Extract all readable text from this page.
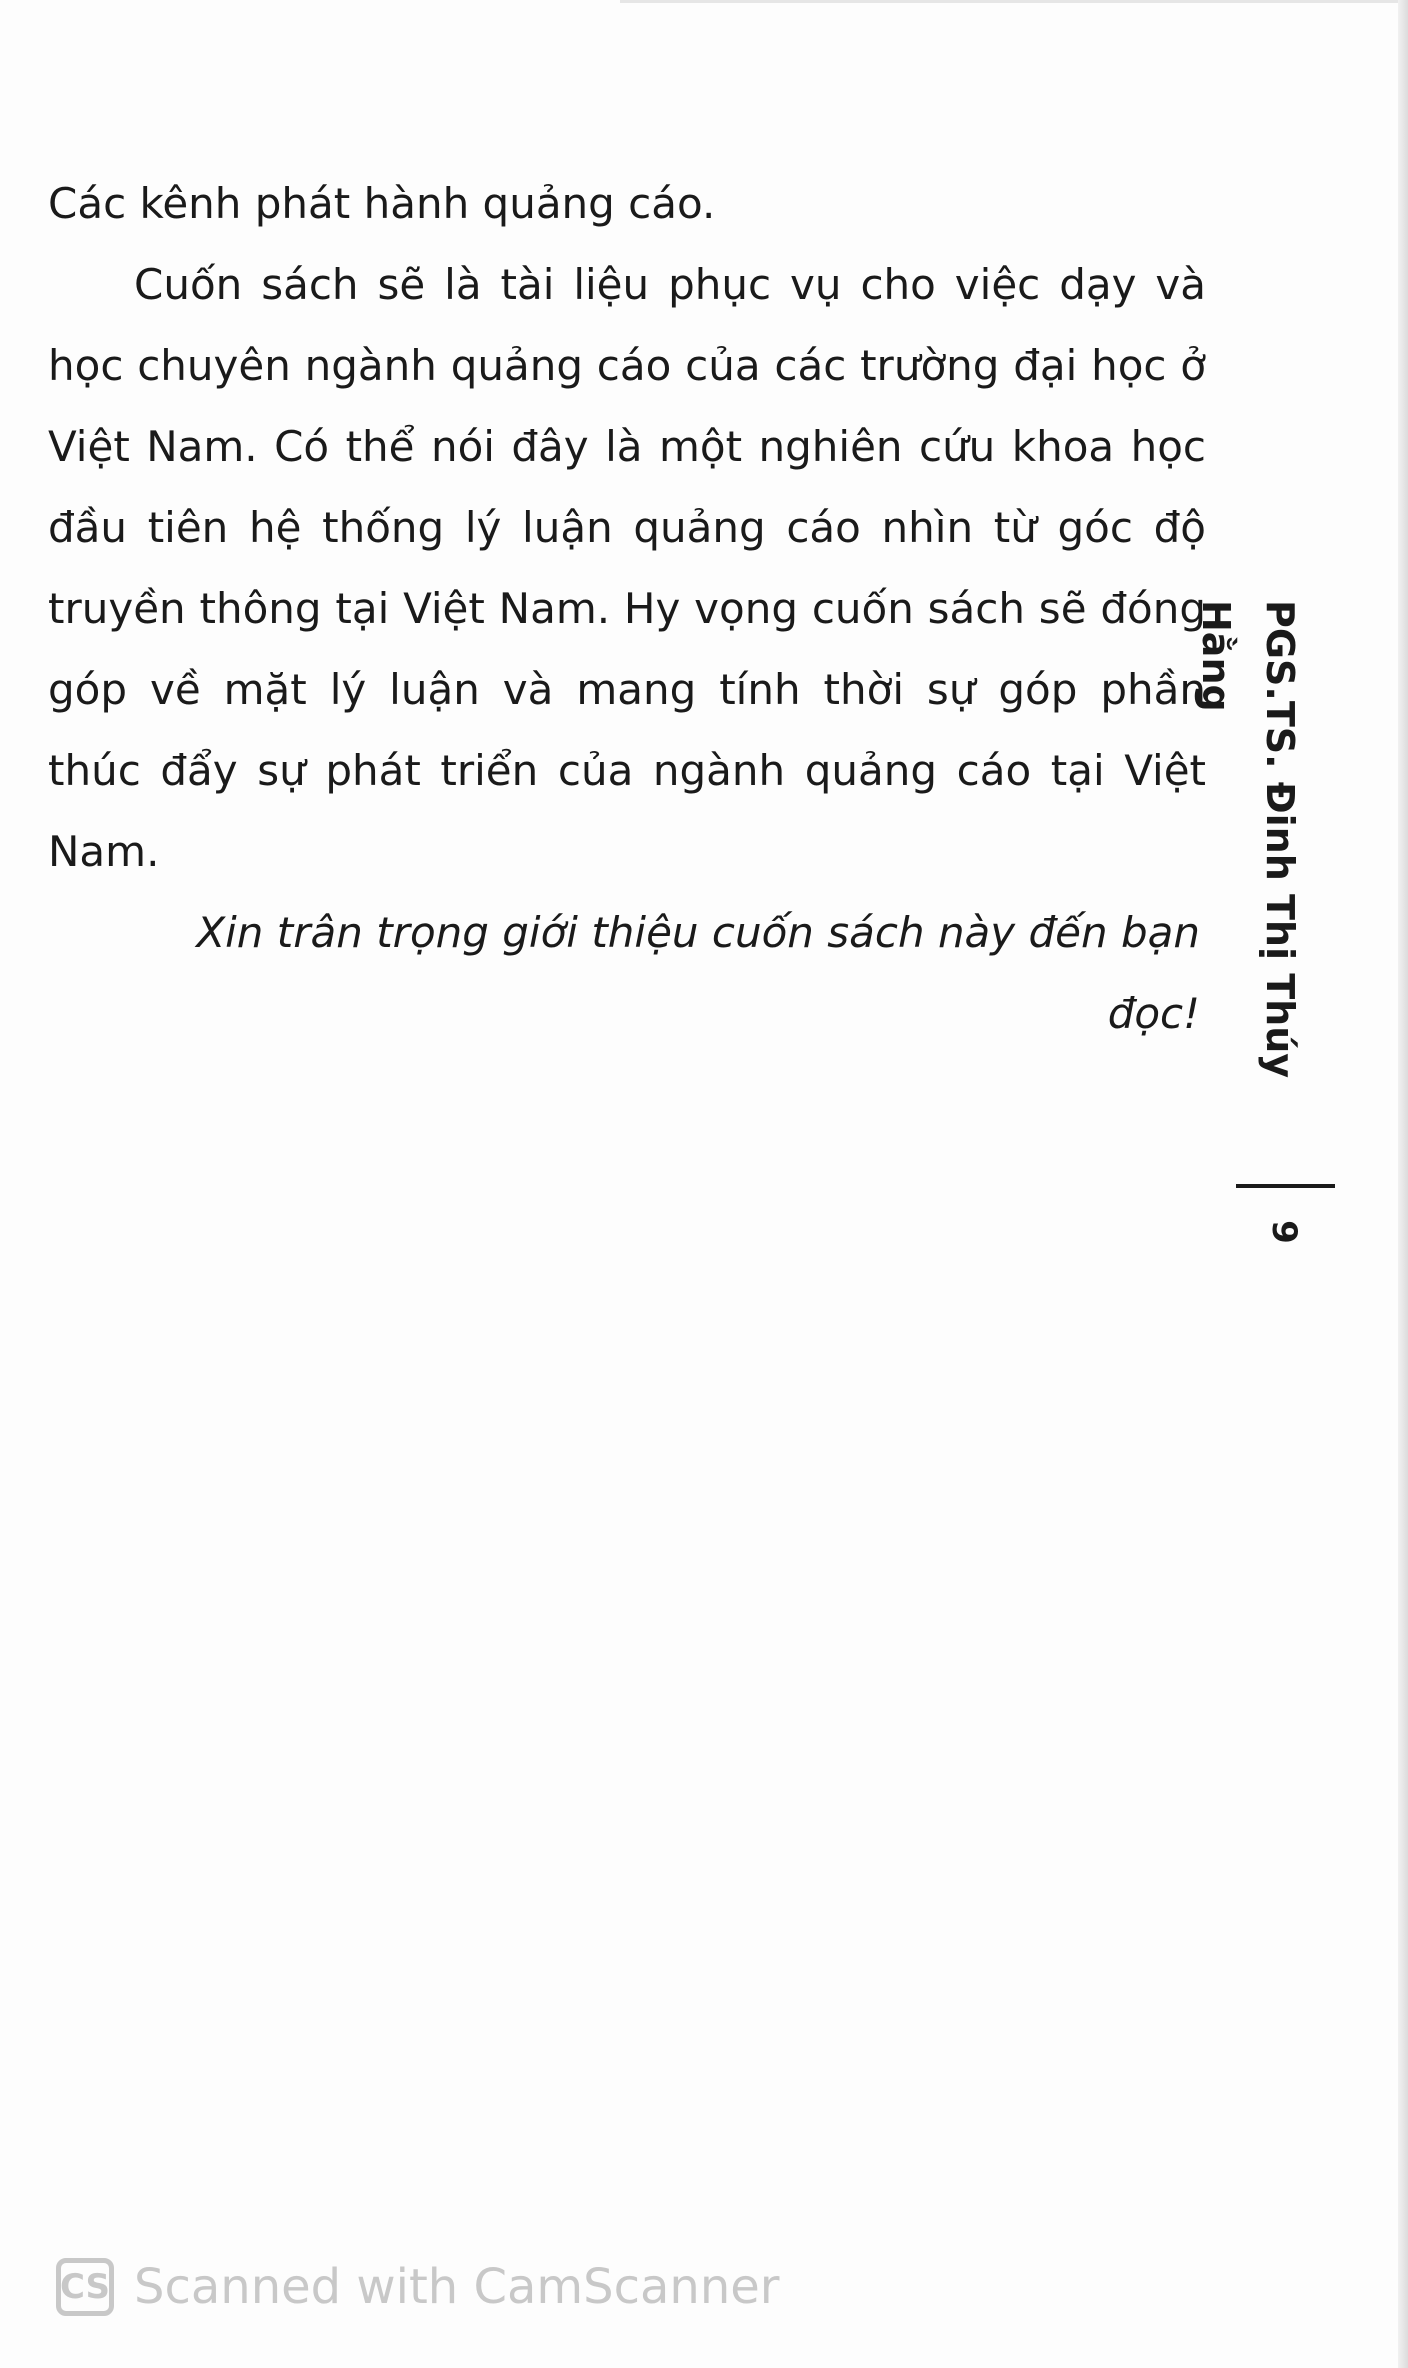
Các kênh phát hành quảng cáo.

Cuốn sách sẽ là tài liệu phục vụ cho việc dạy và học chuyên ngành quảng cáo của các trường đại học ở Việt Nam. Có thể nói đây là một nghiên cứu khoa học đầu tiên hệ thống lý luận quảng cáo nhìn từ góc độ truyền thông tại Việt Nam. Hy vọng cuốn sách sẽ đóng góp về mặt lý luận và mang tính thời sự góp phần thúc đẩy sự phát triển của ngành quảng cáo tại Việt Nam.

Xin trân trọng giới thiệu cuốn sách này đến bạn đọc! PGS.TS. Đinh Thị Thúy Hằng
9
CS Scanned with CamScanner
